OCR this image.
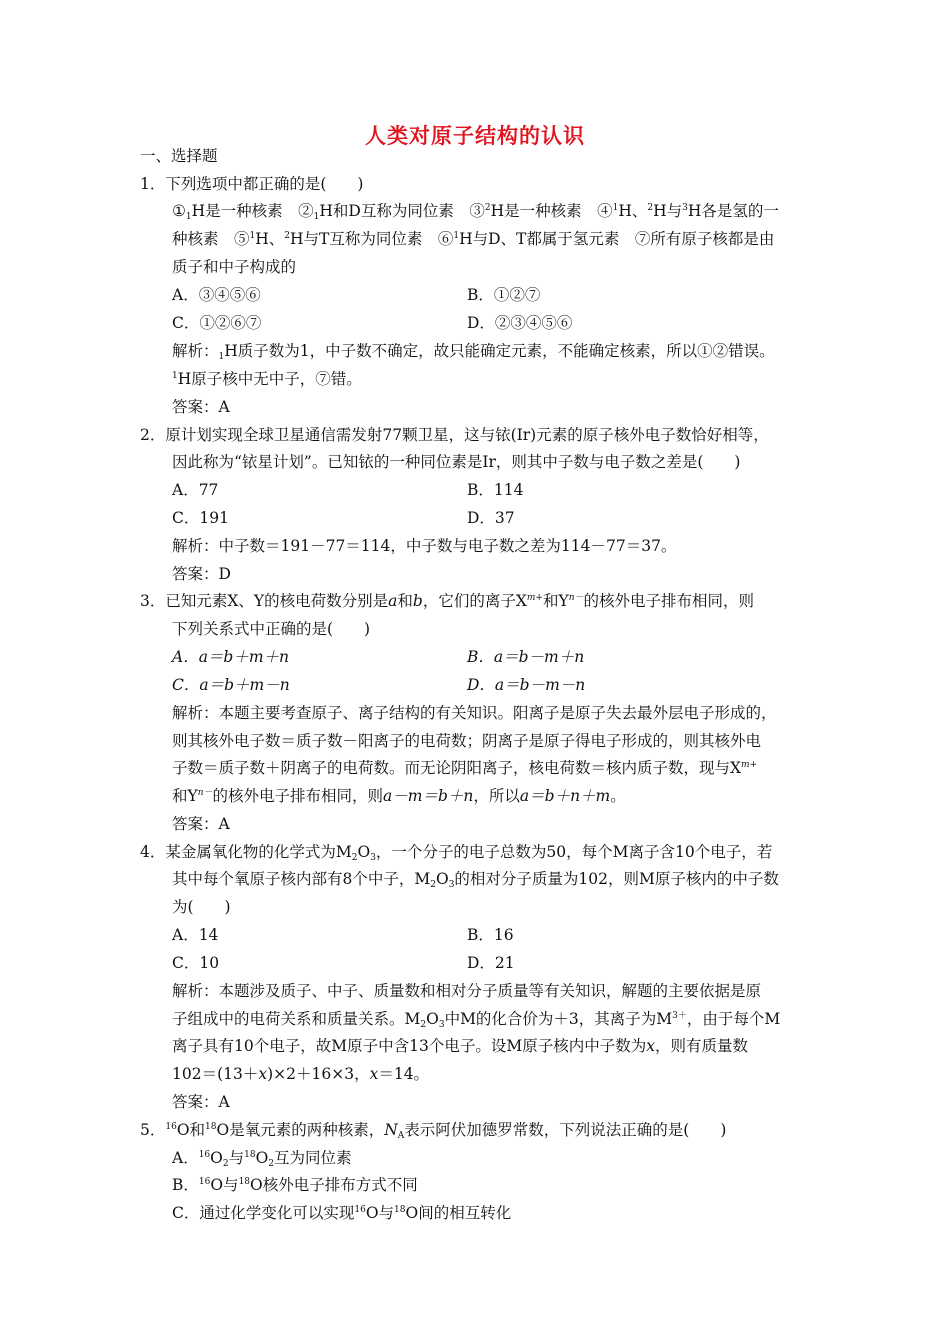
人类对原子结构的认识
一、选择题
1．下列选项中都正确的是(　　)
$①_1H$是一种核素　$②_1H$和D互称为同位素　③$^2$H是一种核素　④$^1$H、$^2$H与$^3$H各是氢的一
种核素　⑤$^1$H、$^2$H与T互称为同位素　⑥$^1$H与D、T都属于氢元素　⑦所有原子核都是由
质子和中子构成的
A．③④⑤⑥	B．①②⑦
C．①②⑥⑦	D．②③④⑤⑥
解析：$_1$H质子数为1，中子数不确定，故只能确定元素，不能确定核素，所以①②错误。
$^1$H原子核中无中子，⑦错。
答案：A
2．原计划实现全球卫星通信需发射77颗卫星，这与铱(Ir)元素的原子核外电子数恰好相等，
因此称为“铱星计划”。已知铱的一种同位素是Ir，则其中子数与电子数之差是(　　)
A．77	B．114
C．191	D．37
解析：中子数＝191－77＝114，中子数与电子数之差为114－77＝37。
答案：D
3．已知元素X、Y的核电荷数分别是a和b，它们的离子$X^{m+}$和$Y^{n-}$的核外电子排布相同，则
下列关系式中正确的是(　　)
A．a＝b＋m＋n	B．a＝b－m＋n
C．a＝b＋m－n	D．a＝b－m－n
解析：本题主要考查原子、离子结构的有关知识。阳离子是原子失去最外层电子形成的，
则其核外电子数＝质子数－阳离子的电荷数；阴离子是原子得电子形成的，则其核外电
子数＝质子数＋阴离子的电荷数。而无论阴阳离子，核电荷数＝核内质子数，现与$X^{m+}$
和$Y^{n-}$的核外电子排布相同，则a－m＝b＋n，所以a＝b＋n＋m。
答案：A
4．某金属氧化物的化学式为$M_2O_3$，一个分子的电子总数为50，每个M离子含10个电子，若
其中每个氧原子核内部有8个中子，$M_2O_3$的相对分子质量为102，则M原子核内的中子数
为(　　)
A．14	B．16
C．10	D．21
解析：本题涉及质子、中子、质量数和相对分子质量等有关知识，解题的主要依据是原
子组成中的电荷关系和质量关系。$M_2O_3$中M的化合价为＋3，其离子为$M^{3+}$，由于每个M
离子具有10个电子，故M原子中含13个电子。设M原子核内中子数为x，则有质量数
102＝(13＋x)×2＋16×3，x＝14。
答案：A
5．$^{16}$O和$^{18}$O是氧元素的两种核素，$N_A$表示阿伏加德罗常数，下列说法正确的是(　　)
A．$^{16}O_2$与$^{18}O_2$互为同位素
B．$^{16}$O与$^{18}$O核外电子排布方式不同
C．通过化学变化可以实现$^{16}$O与$^{18}$O间的相互转化
